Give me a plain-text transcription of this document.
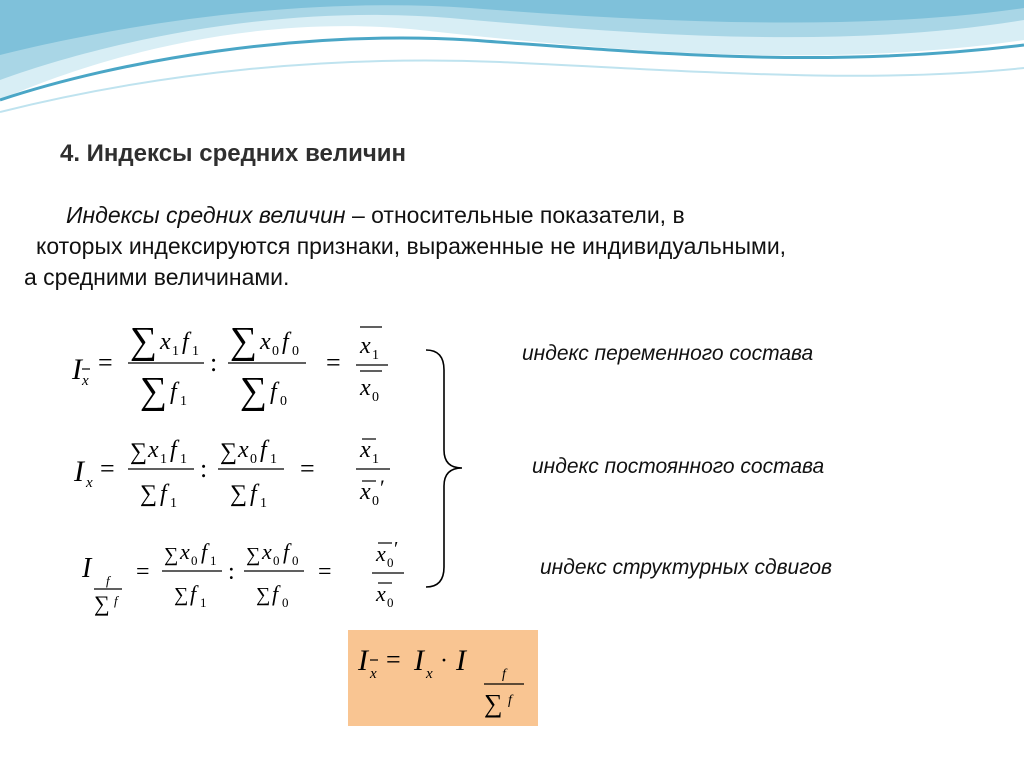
4. Индексы средних величин
Индексы средних величин – относительные показатели, в
которых индексируются признаки, выраженные не индивидуальными,
а средними величинами.
I x
=
∑ x 1 f 1
∑ f 1
:
∑ x 0 f 0
∑ f 0
=
x 1
x 0
I x =
∑ x 1 f 1
∑ f 1
:
∑ x 0 f 1
∑ f 1
=
x 1
x 0
′
I f
∑ f
=
∑ x 0 f 1
∑ f 1
:
∑ x 0 f 0
∑ f 0
=
x 0
′
x 0
индекс переменного состава
индекс постоянного состава
индекс структурных сдвигов
I x = I x · I	f
∑ f
